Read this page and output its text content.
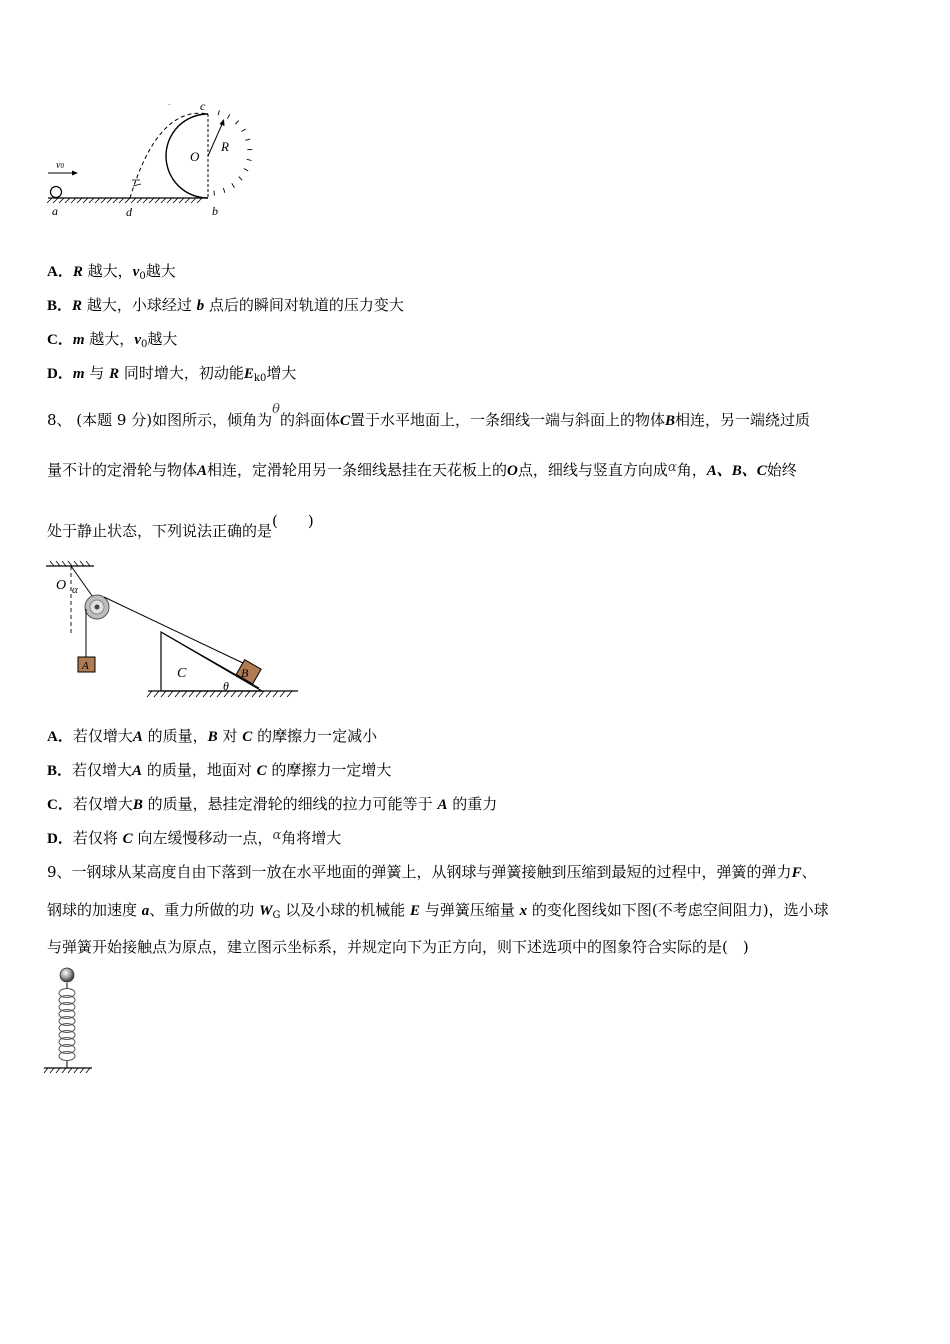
v0
· c
O
R
a	d	b
A．R 越大，$v_0$越大
B．R 越大，小球经过 b 点后的瞬间对轨道的压力变大
C．m 越大，$v_0$越大
D．m 与 R 同时增大，初动能$E_{k0}$增大
8、 (本题 9 分)如图所示，倾角为θ的斜面体C置于水平地面上，一条细线一端与斜面上的物体B相连，另一端绕过质
量不计的定滑轮与物体A相连，定滑轮用另一条细线悬挂在天花板上的O点，细线与竖直方向成α角，A、B、C始终
处于静止状态，下列说法正确的是(　　)
A	C
θ
B
O α
A．若仅增大A 的质量，B 对 C 的摩擦力一定减小
B．若仅增大A 的质量，地面对 C 的摩擦力一定增大
C．若仅增大B 的质量，悬挂定滑轮的细线的拉力可能等于 A 的重力
D．若仅将 C 向左缓慢移动一点，α角将增大
9、一钢球从某高度自由下落到一放在水平地面的弹簧上，从钢球与弹簧接触到压缩到最短的过程中，弹簧的弹力F、
钢球的加速度 a、重力所做的功 $W_G$ 以及小球的机械能 E 与弹簧压缩量 x 的变化图线如下图(不考虑空间阻力)，选小球
与弹簧开始接触点为原点，建立图示坐标系，并规定向下为正方向，则下述选项中的图象符合实际的是(　)
